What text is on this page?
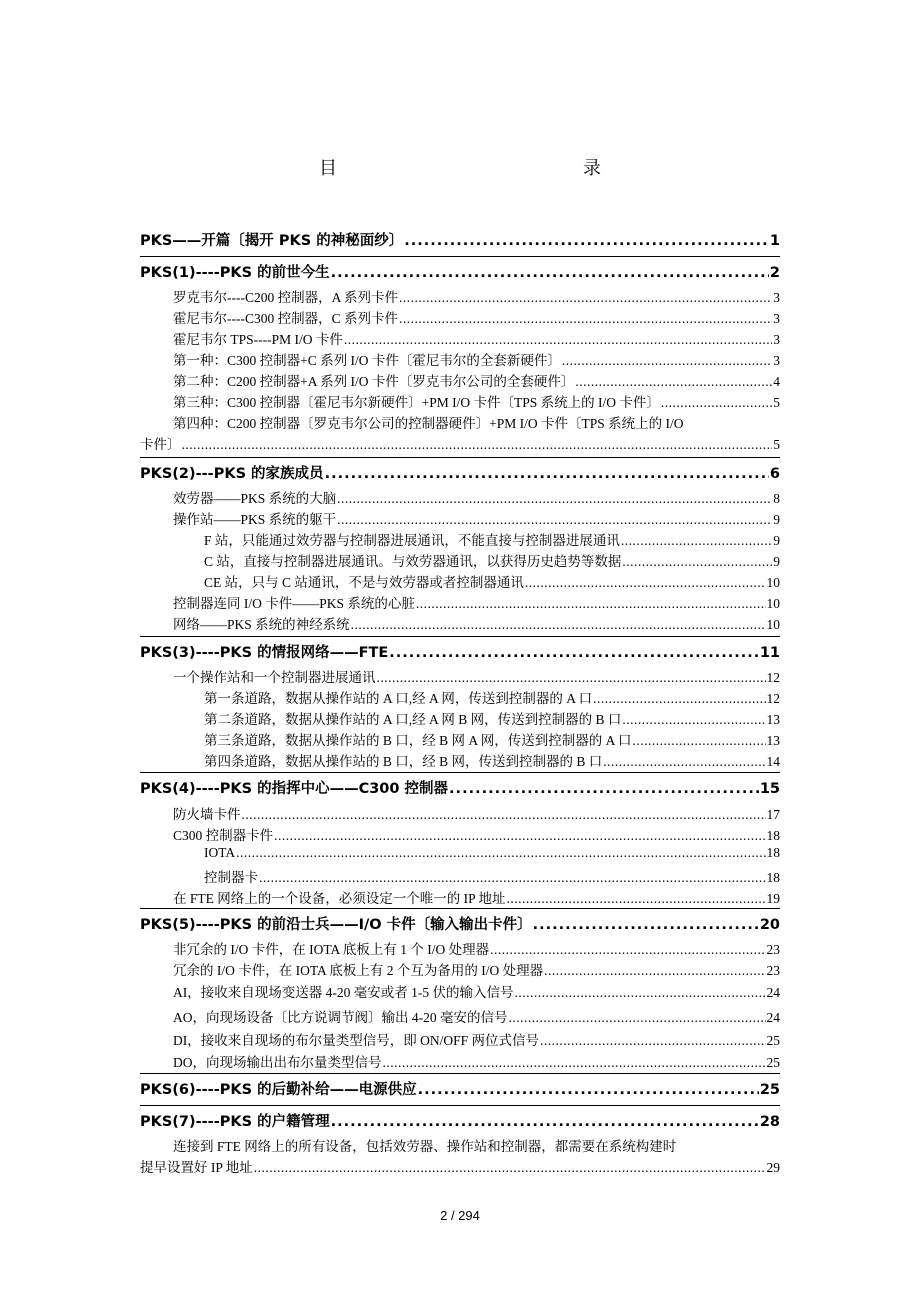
目　　录
PKS——开篇〔揭开 PKS 的神秘面纱〕 .....	1
PKS(1)----PKS 的前世今生 .....	2
罗克韦尔----C200 控制器，A 系列卡件 .....	3
霍尼韦尔----C300 控制器，C 系列卡件 .....	3
霍尼韦尔 TPS----PM I/O 卡件 .....	3
第一种：C300 控制器+C 系列 I/O 卡件〔霍尼韦尔的全套新硬件〕 .....	3
第二种：C200 控制器+A 系列 I/O 卡件〔罗克韦尔公司的全套硬件〕 .....	4
第三种：C300 控制器〔霍尼韦尔新硬件〕+PM I/O 卡件〔TPS 系统上的 I/O 卡件〕 .....	5
第四种：C200 控制器〔罗克韦尔公司的控制器硬件〕+PM I/O 卡件〔TPS 系统上的 I/O
卡件〕 .....	5
PKS(2)---PKS 的家族成员 .....	6
效劳器——PKS 系统的大脑 .....	8
操作站——PKS 系统的躯干 .....	9
F 站，只能通过效劳器与控制器进展通讯，不能直接与控制器进展通讯 .....	9
C 站，直接与控制器进展通讯。与效劳器通讯，以获得历史趋势等数据 .....	9
CE 站，只与 C 站通讯，不是与效劳器或者控制器通讯 .....	10
控制器连同 I/O 卡件——PKS 系统的心脏 .....	10
网络——PKS 系统的神经系统 .....	10
PKS(3)----PKS 的情报网络——FTE .....	11
一个操作站和一个控制器进展通讯 .....	12
第一条道路，数据从操作站的 A 口,经 A 网，传送到控制器的 A 口 .....	12
第二条道路，数据从操作站的 A 口,经 A 网 B 网，传送到控制器的 B 口 .....	13
第三条道路，数据从操作站的 B 口，经 B 网 A 网，传送到控制器的 A 口 .....	13
第四条道路，数据从操作站的 B 口，经 B 网，传送到控制器的 B 口 .....	14
PKS(4)----PKS 的指挥中心——C300 控制器 .....	15
防火墙卡件 .....	17
C300 控制器卡件 .....	18
IOTA .....	18
控制器卡 .....	18
在 FTE 网络上的一个设备，必须设定一个唯一的 IP 地址 .....	19
PKS(5)----PKS 的前沿士兵——I/O 卡件〔输入输出卡件〕 .....	20
非冗余的 I/O 卡件，在 IOTA 底板上有 1 个 I/O 处理器 .....	23
冗余的 I/O 卡件，在 IOTA 底板上有 2 个互为备用的 I/O 处理器 .....	23
AI，接收来自现场变送器 4-20 毫安或者 1-5 伏的输入信号 .....	24
AO，向现场设备〔比方说调节阀〕输出 4-20 毫安的信号 .....	24
DI，接收来自现场的布尔量类型信号，即 ON/OFF 两位式信号 .....	25
DO，向现场输出出布尔量类型信号 .....	25
PKS(6)----PKS 的后勤补给——电源供应 .....	25
PKS(7)----PKS 的户籍管理 .....	28
连接到 FTE 网络上的所有设备，包括效劳器、操作站和控制器，都需要在系统构建时
提早设置好 IP 地址 .....	29
2 / 294
